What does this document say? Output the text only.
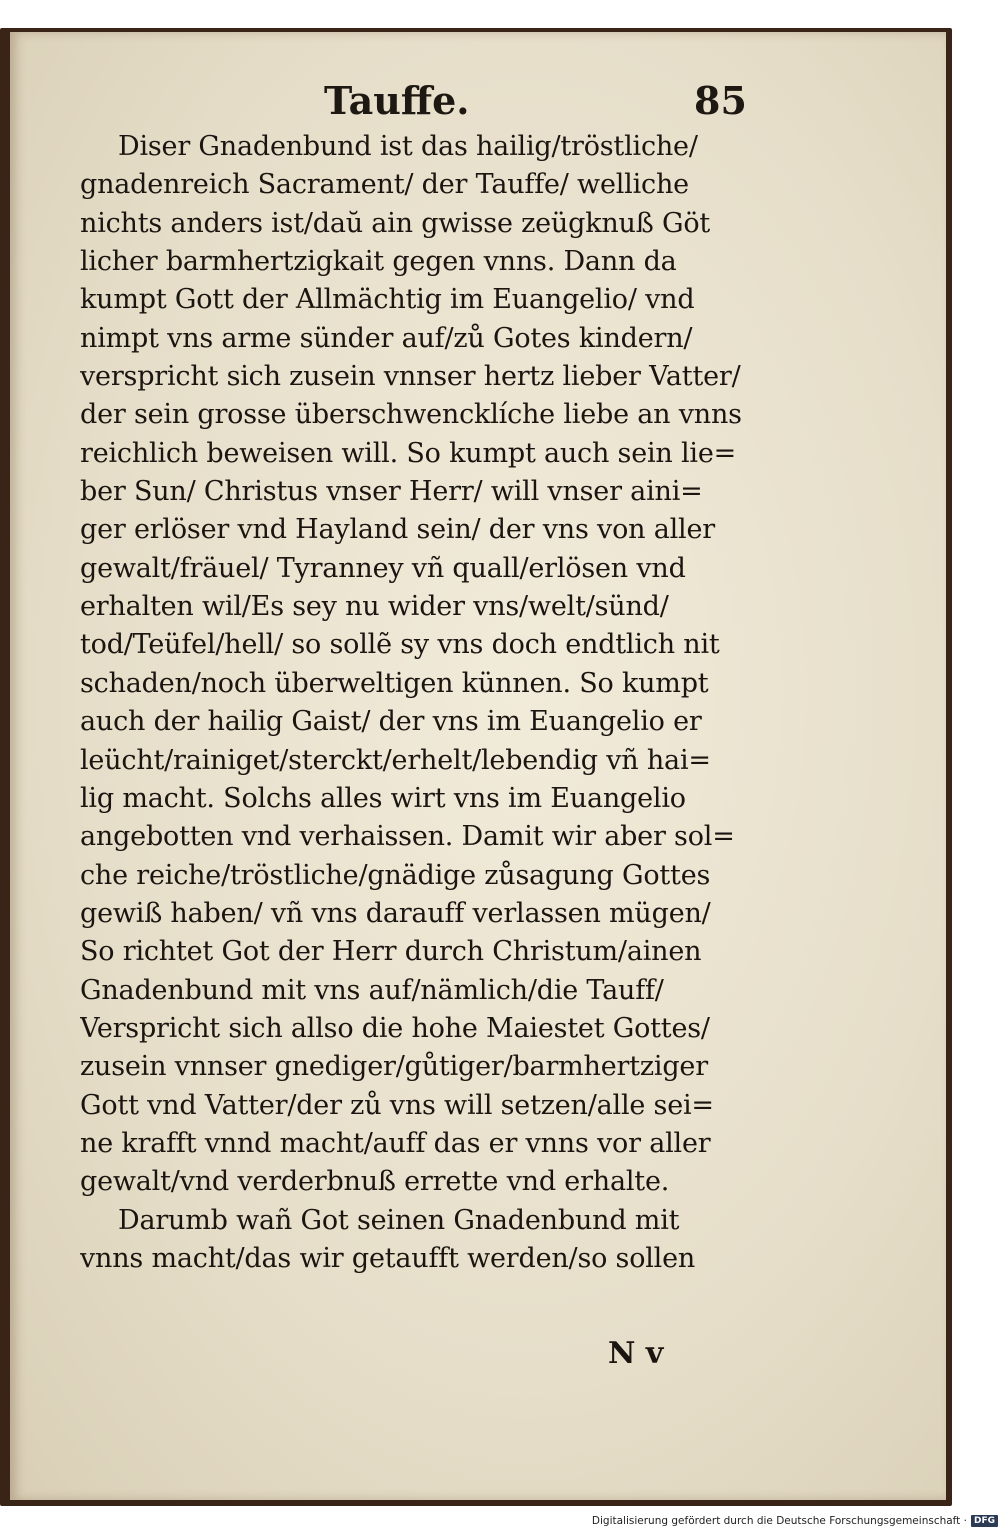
Tauffe.	85
Diser Gnadenbund ist das hailig/tröstliche/
gnadenreich Sacrament/ der Tauffe/ welliche
nichts anders ist/daŭ ain gwisse zeügknuß Göt
licher barmhertzigkait gegen vnns. Dann da
kumpt Gott der Allmächtig im Euangelio/ vnd
nimpt vns arme sünder auf/zů Gotes kindern/
verspricht sich zusein vnnser hertz lieber Vatter/
der sein grosse überschwencklíche liebe an vnns
reichlich beweisen will. So kumpt auch sein lie=
ber Sun/ Christus vnser Herr/ will vnser aini=
ger erlöser vnd Hayland sein/ der vns von aller
gewalt/fräuel/ Tyranney vñ quall/erlösen vnd
erhalten wil/Es sey nu wider vns/welt/sünd/
tod/Teüfel/hell/ so sollẽ sy vns doch endtlich nit
schaden/noch überweltigen künnen. So kumpt
auch der hailig Gaist/ der vns im Euangelio er
leücht/rainiget/sterckt/erhelt/lebendig vñ hai=
lig macht. Solchs alles wirt vns im Euangelio
angebotten vnd verhaissen. Damit wir aber sol=
che reiche/tröstliche/gnädige zůsagung Gottes
gewiß haben/ vñ vns darauff verlassen mügen/
So richtet Got der Herr durch Christum/ainen
Gnadenbund mit vns auf/nämlich/die Tauff/
Verspricht sich allso die hohe Maiestet Gottes/
zusein vnnser gnediger/gůtiger/barmhertziger
Gott vnd Vatter/der zů vns will setzen/alle sei=
ne krafft vnnd macht/auff das er vnns vor aller
gewalt/vnd verderbnuß errette vnd erhalte.
Darumb wañ Got seinen Gnadenbund mit
vnns macht/das wir getaufft werden/so sollen
N v
Digitalisierung gefördert durch die Deutsche Forschungsgemeinschaft · DFG
